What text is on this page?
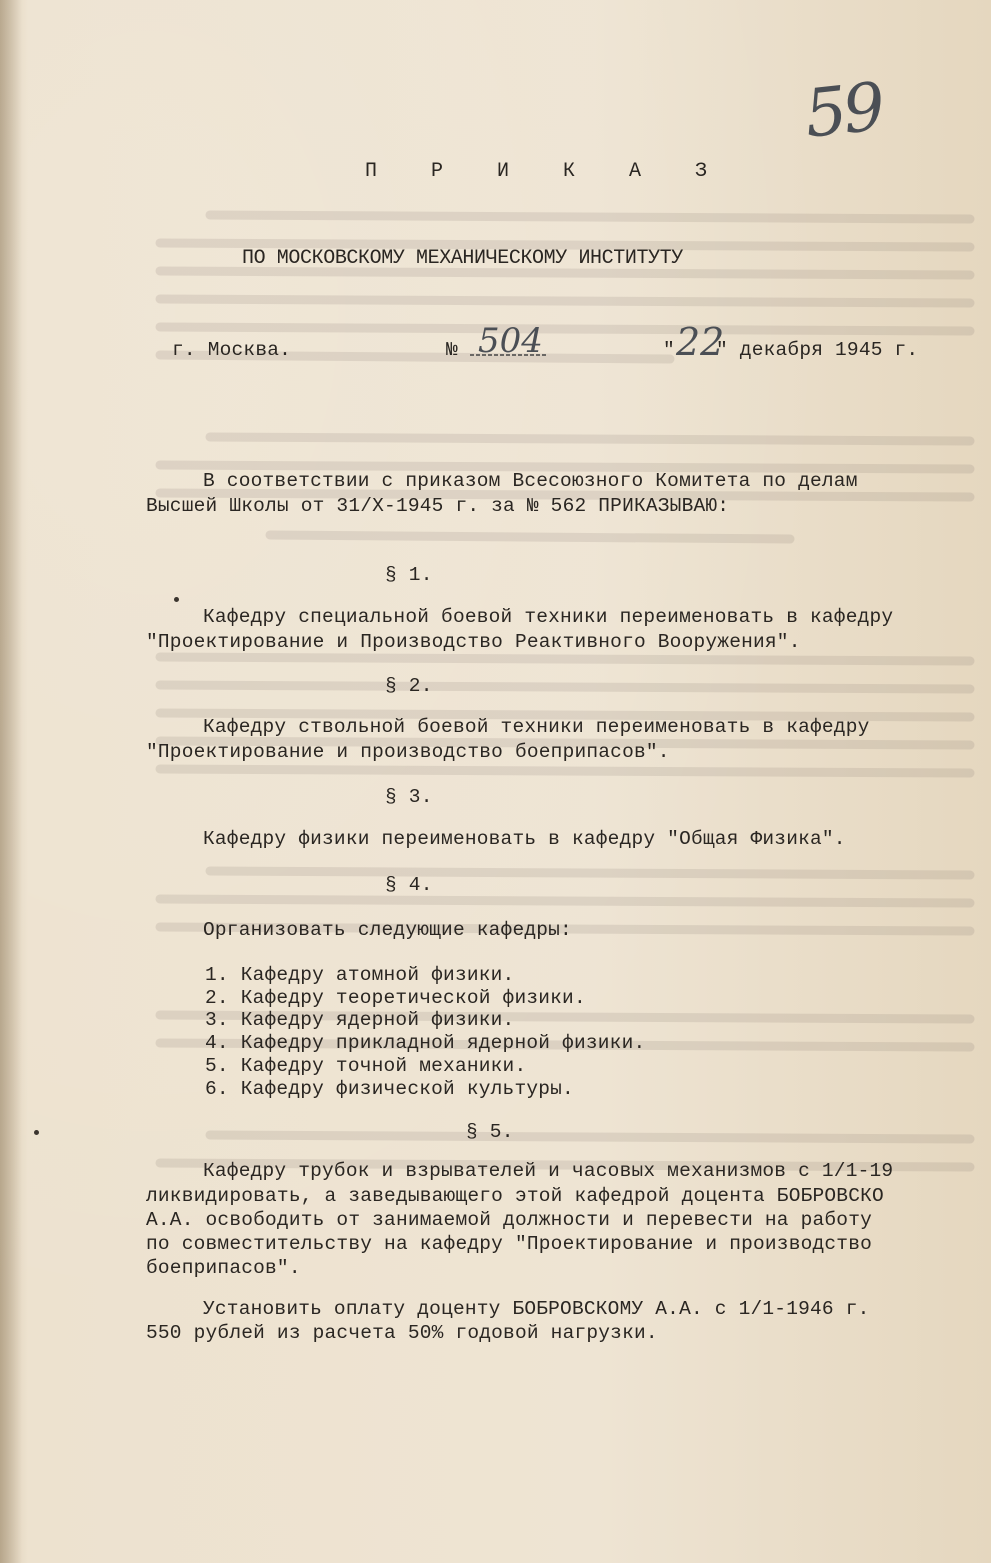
59
П Р И К А З
ПО МОСКОВСКОМУ МЕХАНИЧЕСКОМУ ИНСТИТУТУ
г. Москва.	№ 504	" 22
" декабря 1945 г.
В соответствии с приказом Всесоюзного Комитета по делам
Высшей Школы от 31/X-1945 г. за № 562 ПРИКАЗЫВАЮ:
§ 1.
Кафедру специальной боевой техники переименовать в кафедру
"Проектирование и Производство Реактивного Вооружения".
§ 2.
Кафедру ствольной боевой техники переименовать в кафедру
"Проектирование и производство боеприпасов".
§ 3.
Кафедру физики переименовать в кафедру "Общая Физика".
§ 4.
Организовать следующие кафедры:
1. Кафедру атомной физики.
2. Кафедру теоретической физики.
3. Кафедру ядерной физики.
4. Кафедру прикладной ядерной физики.
5. Кафедру точной механики.
6. Кафедру физической культуры.
§ 5.
Кафедру трубок и взрывателей и часовых механизмов с 1/1-19
ликвидировать, а заведывающего этой кафедрой доцента БОБРОВСКО
А.А. освободить от занимаемой должности и перевести на работу
по совместительству на кафедру "Проектирование и производство
боеприпасов".
Установить оплату доценту БОБРОВСКОМУ А.А. с 1/1-1946 г.
550 рублей из расчета 50% годовой нагрузки.
